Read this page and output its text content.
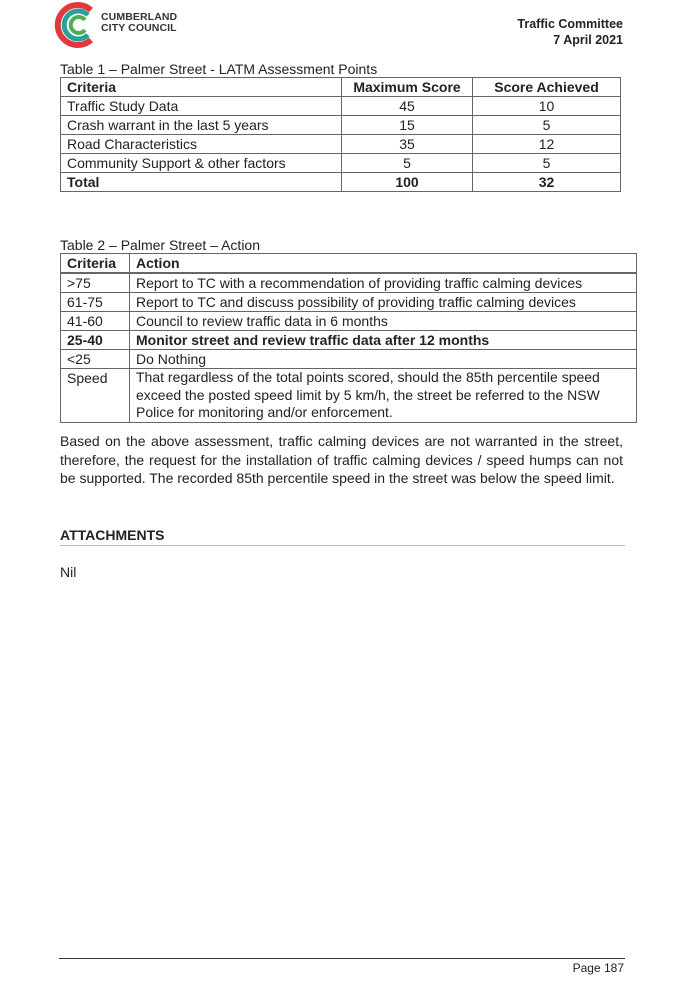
CUMBERLAND
CITY COUNCIL	Traffic Committee
7 April 2021
Table 1 – Palmer Street - LATM Assessment Points
Criteria	Maximum Score	Score Achieved
Traffic Study Data	45	10
Crash warrant in the last 5 years	15	5
Road Characteristics	35	12
Community Support & other factors	5	5
Total	100	32
Table 2 – Palmer Street – Action
Criteria	Action
>75	Report to TC with a recommendation of providing traffic calming devices
61-75	Report to TC and discuss possibility of providing traffic calming devices
41-60	Council to review traffic data in 6 months
25-40	Monitor street and review traffic data after 12 months
<25	Do Nothing
Speed	That regardless of the total points scored, should the 85th percentile speed exceed the posted speed limit by 5 km/h, the street be referred to the NSW Police for monitoring and/or enforcement.
Based on the above assessment, traffic calming devices are not warranted in the street, therefore, the request for the installation of traffic calming devices / speed humps can not be supported. The recorded 85th percentile speed in the street was below the speed limit.
ATTACHMENTS
Nil
Page 187
